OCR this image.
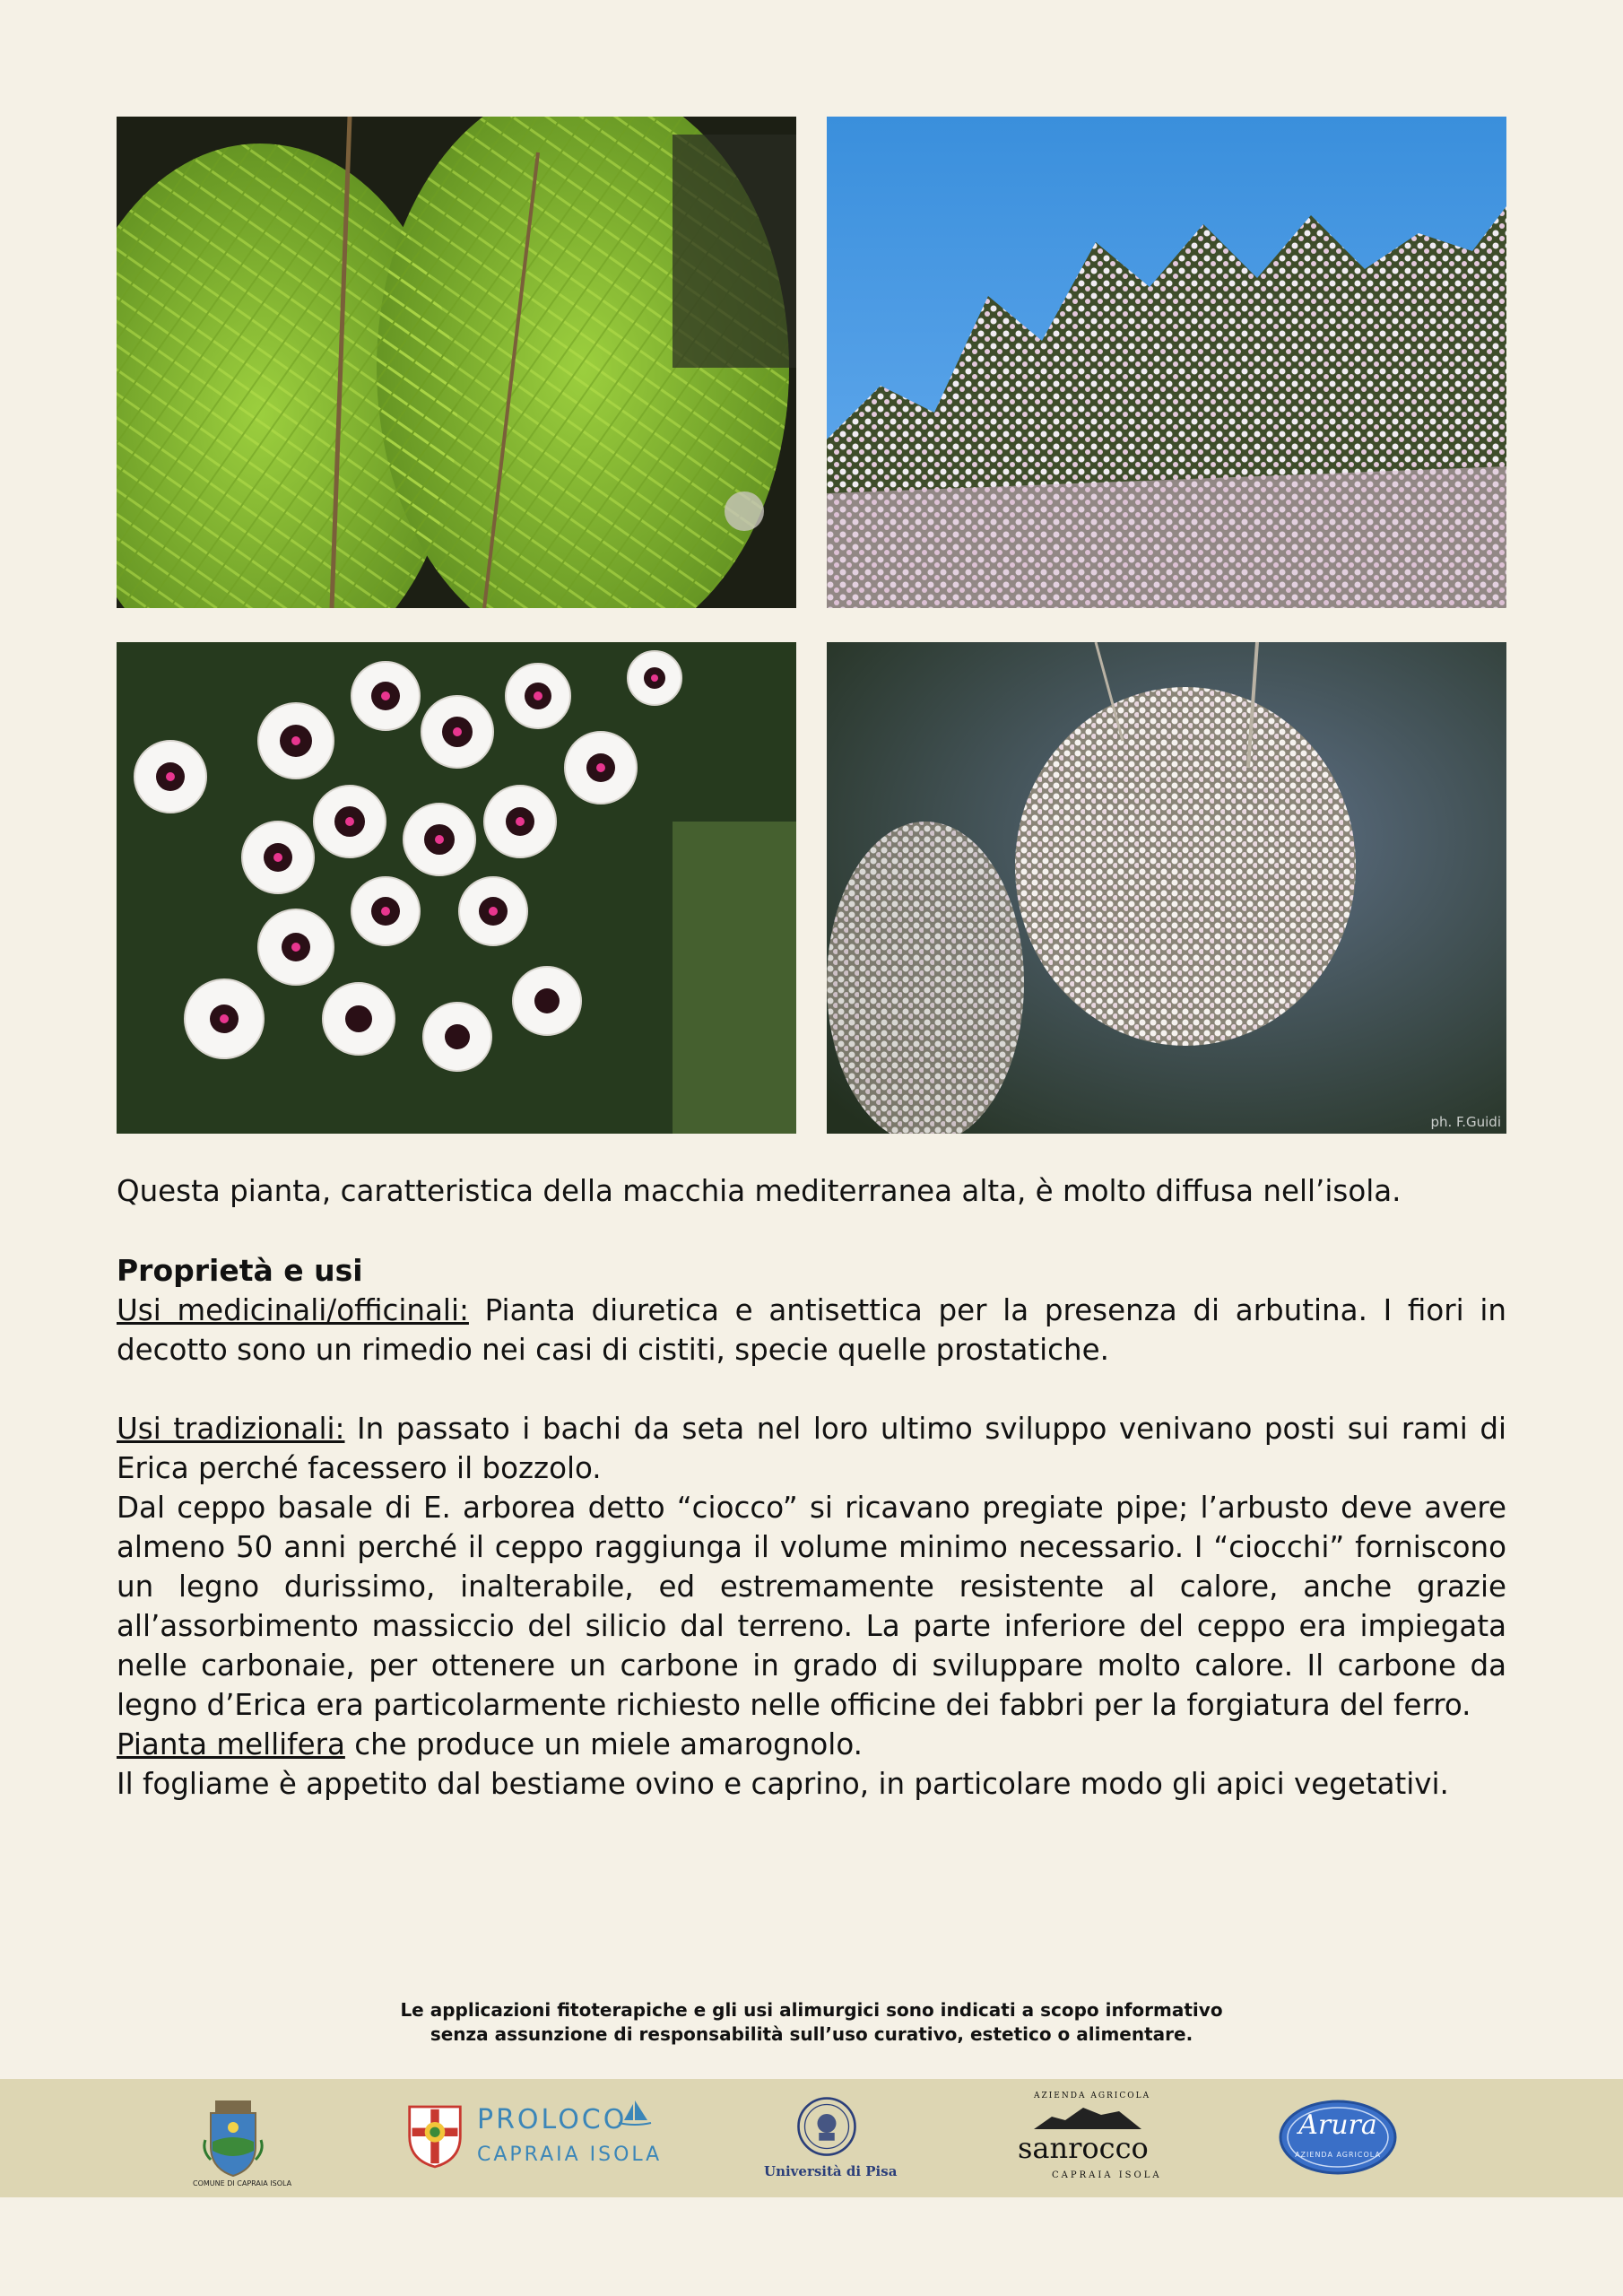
ph. F.Guidi

Questa pianta, caratteristica della macchia mediterranea alta, è molto diffusa nell’isola.

Proprietà e usi

Usi medicinali/officinali: Pianta diuretica e antisettica per la presenza di arbutina. I fiori in decotto sono un rimedio nei casi di cistiti, specie quelle prostatiche.

Usi tradizionali: In passato i bachi da seta nel loro ultimo sviluppo venivano posti sui rami di Erica perché facessero il bozzolo.

Dal ceppo basale di E. arborea detto “ciocco” si ricavano pregiate pipe; l’arbusto deve avere almeno 50 anni perché il ceppo raggiunga il volume minimo necessario. I “ciocchi” forniscono un legno durissimo, inalterabile, ed estremamente resistente al calore, anche grazie all’assorbimento massiccio del silicio dal terreno. La parte inferiore del ceppo era impiegata nelle carbonaie, per ottenere un carbone in grado di sviluppare molto calore. Il carbone da legno d’Erica era particolarmente richiesto nelle officine dei fabbri per la forgiatura del ferro.

Pianta mellifera che produce un miele amarognolo.

Il fogliame è appetito dal bestiame ovino e caprino, in particolare modo gli apici vegetativi.

Le applicazioni fitoterapiche e gli usi alimurgici sono indicati a scopo informativo
senza assunzione di responsabilità sull’uso curativo, estetico o alimentare.
COMUNE DI CAPRAIA ISOLA
PROLOCO
CAPRAIA ISOLA
Università di Pisa
AZIENDA AGRICOLA
sanrocco
CAPRAIA ISOLA
Arura
AZIENDA AGRICOLA
